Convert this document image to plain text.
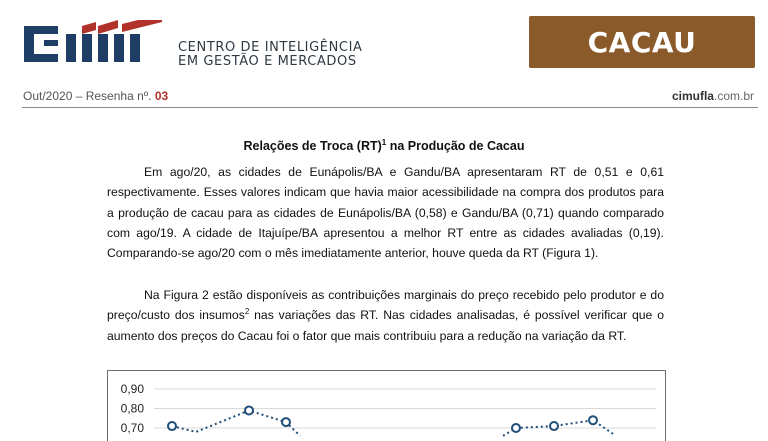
CENTRO DE INTELIGÊNCIA
EM GESTÃO E MERCADOS
CACAU
Out/2020 – Resenha nº. 03	cimufla.com.br
Relações de Troca (RT)$^1$ na Produção de Cacau

Em ago/20, as cidades de Eunápolis/BA e Gandu/BA apresentaram RT de 0,51 e 0,61 respectivamente. Esses valores indicam que havia maior acessibilidade na compra dos produtos para a produção de cacau para as cidades de Eunápolis/BA (0,58) e Gandu/BA (0,71) quando comparado com ago/19. A cidade de Itajuípe/BA apresentou a melhor RT entre as cidades avaliadas (0,19). Comparando-se ago/20 com o mês imediatamente anterior, houve queda da RT (Figura 1).

Na Figura 2 estão disponíveis as contribuições marginais do preço recebido pelo produtor e do preço/custo dos insumos$^2$ nas variações das RT. Nas cidades analisadas, é possível verificar que o aumento dos preços do Cacau foi o fator que mais contribuiu para a redução na variação da RT.

0,90
0,80
0,70
